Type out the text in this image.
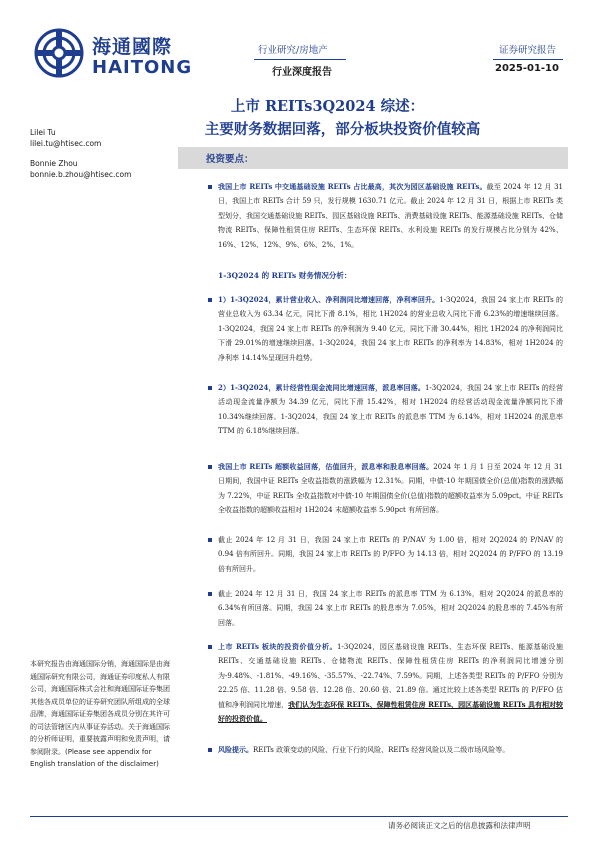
海通國際
HAITONG
行业研究/房地产
行业深度报告
证券研究报告
2025-01-10
上市 REITs3Q2024 综述：
主要财务数据回落，部分板块投资价值较高
Lilei Tu
lilei.tu@htisec.com
Bonnie Zhou
bonnie.b.zhou@htisec.com
投资要点：
我国上市 REITs 中交通基础设施 REITs 占比最高，其次为园区基础设施 REITs。截至 2024 年 12 月 31 日，我国上市 REITs 合计 59 只，发行规模 1630.71 亿元。截止 2024 年 12 月 31 日，根据上市 REITs 类型划分，我国交通基础设施 REITs、园区基础设施 REITs、消费基础设施 REITs、能源基础设施 REITs、仓储物流 REITs、保障性租赁住房 REITs、生态环保 REITs、水利设施 REITs 的发行规模占比分别为 42%、16%、12%、12%、9%、6%、2%、1%。
1-3Q2024 的 REITs 财务情况分析：
1）1-3Q2024，累计营业收入、净利润同比增速回落，净利率回升。1-3Q2024，我国 24 家上市 REITs 的营业总收入为 63.34 亿元，同比下滑 8.1%，相比 1H2024 的营业总收入同比下滑 6.23%的增速继续回落。1-3Q2024，我国 24 家上市 REITs 的净利润为 9.40 亿元，同比下滑 30.44%，相比 1H2024 的净利润同比下滑 29.01%的增速继续回落。1-3Q2024，我国 24 家上市 REITs 的净利率为 14.83%，相对 1H2024 的净利率 14.14%呈现回升趋势。
2）1-3Q2024，累计经营性现金流同比增速回落，派息率回落。1-3Q2024，我国 24 家上市 REITs 的经营活动现金流量净额为 34.39 亿元，同比下滑 15.42%，相对 1H2024 的经营活动现金流量净额同比下滑 10.34%继续回落。1-3Q2024，我国 24 家上市 REITs 的派息率 TTM 为 6.14%，相对 1H2024 的派息率 TTM 的 6.18%继续回落。
我国上市 REITs 超额收益回落，估值回升，派息率和股息率回落。2024 年 1 月 1 日至 2024 年 12 月 31 日期间，我国中证 REITs 全收益指数的涨跌幅为 12.31%。同期，中债-10 年期国债全价(总值)指数的涨跌幅为 7.22%，中证 REITs 全收益指数对中债-10 年期国债全价(总值)指数的超额收益率为 5.09pct。中证 REITs 全收益指数的超额收益相对 1H2024 末超额收益率 5.90pct 有所回落。
截止 2024 年 12 月 31 日，我国 24 家上市 REITs 的 P/NAV 为 1.00 倍，相对 2Q2024 的 P/NAV 的 0.94 倍有所回升。同期，我国 24 家上市 REITs 的 P/FFO 为 14.13 倍，相对 2Q2024 的 P/FFO 的 13.19 倍有所回升。
截止 2024 年 12 月 31 日，我国 24 家上市 REITs 的派息率 TTM 为 6.13%，相对 2Q2024 的派息率的 6.34%有所回落。同期，我国 24 家上市 REITs 的股息率为 7.05%，相对 2Q2024 的股息率的 7.45%有所回落。
上市 REITs 板块的投资价值分析。1-3Q2024，园区基础设施 REITs、生态环保 REITs、能源基础设施 REITs、交通基础设施 REITs、仓储物流 REITs、保障性租赁住房 REITs 的净利润同比增速分别为-9.48%、-1.81%、-49.16%、-35.57%、-22.74%、7.59%。同期，上述各类型 REITs 的 P/FFO 分别为 22.25 倍、11.28 倍、9.58 倍、12.28 倍、20.60 倍、21.89 倍。通过比较上述各类型 REITs 的 P/FFO 估值和净利润同比增速，我们认为生态环保 REITs、保障性租赁住房 REITs、园区基础设施 REITs 具有相对较好的投资价值。
风险提示。REITs 政策变动的风险、行业下行的风险、REITs 经营风险以及二级市场风险等。
本研究报告由海通国际分销，海通国际是由海通国际研究有限公司，海通证券印度私人有限公司，海通国际株式会社和海通国际证券集团其他各成员单位的证券研究团队所组成的全球品牌，海通国际证券集团各成员分别在其许可的司法管辖区内从事证券活动。关于海通国际的分析师证明，重要披露声明和免责声明，请参阅附录。(Please see appendix for English translation of the disclaimer)
请务必阅读正文之后的信息披露和法律声明
